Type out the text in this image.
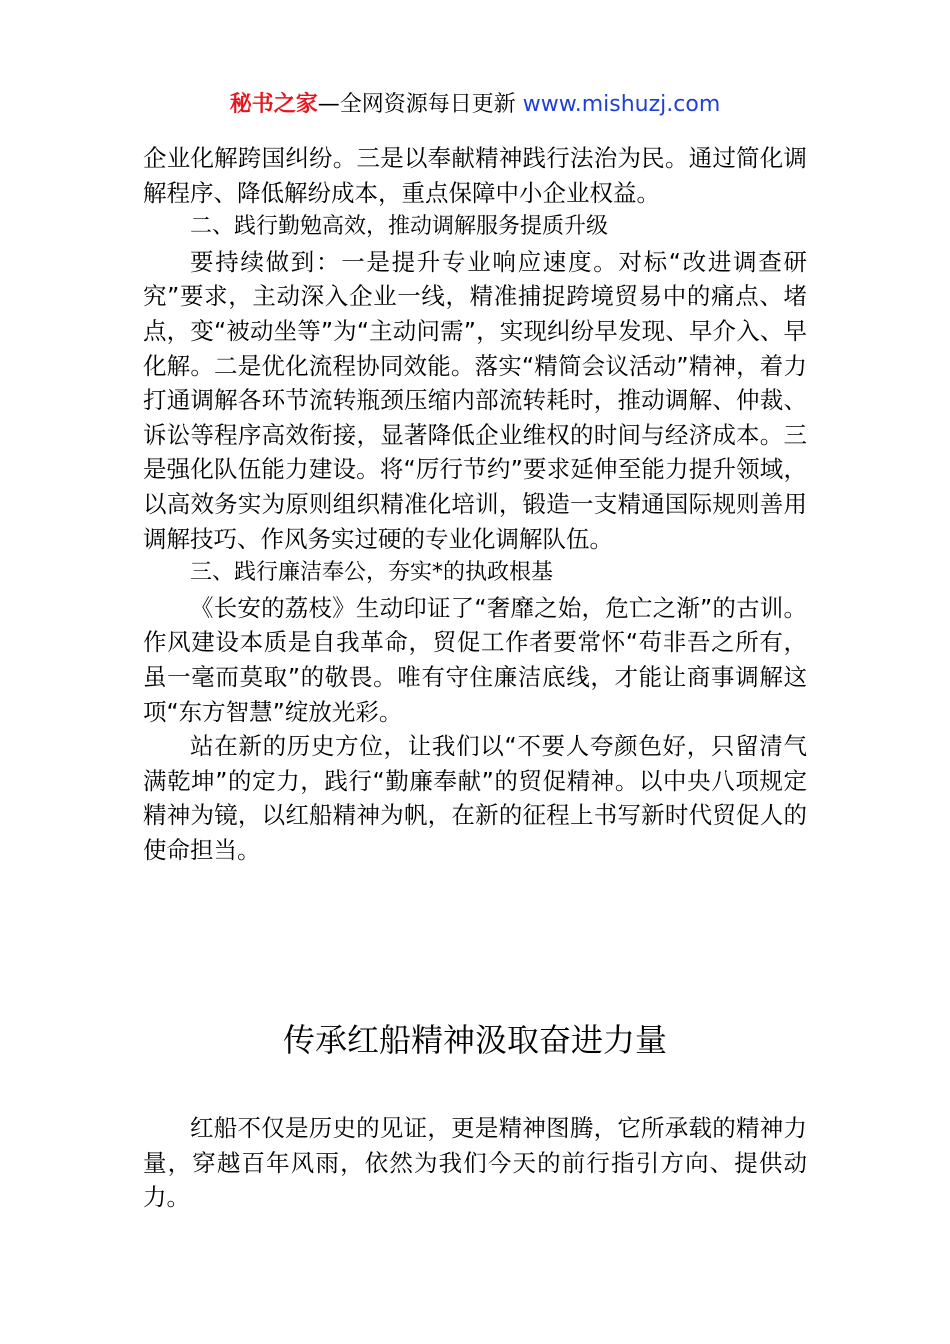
秘书之家—全网资源每日更新 www.mishuzj.com

企业化解跨国纠纷。三是以奉献精神践行法治为民。通过简化调解程序、降低解纷成本，重点保障中小企业权益。

二、践行勤勉高效，推动调解服务提质升级

要持续做到：一是提升专业响应速度。对标“改进调查研究”要求，主动深入企业一线，精准捕捉跨境贸易中的痛点、堵点，变“被动坐等”为“主动问需”，实现纠纷早发现、早介入、早化解。二是优化流程协同效能。落实“精简会议活动”精神，着力打通调解各环节流转瓶颈压缩内部流转耗时，推动调解、仲裁、诉讼等程序高效衔接，显著降低企业维权的时间与经济成本。三是强化队伍能力建设。将“厉行节约”要求延伸至能力提升领域，以高效务实为原则组织精准化培训，锻造一支精通国际规则善用调解技巧、作风务实过硬的专业化调解队伍。

三、践行廉洁奉公，夯实*的执政根基

《长安的荔枝》生动印证了“奢靡之始，危亡之渐”的古训。作风建设本质是自我革命，贸促工作者要常怀“苟非吾之所有，虽一毫而莫取”的敬畏。唯有守住廉洁底线，才能让商事调解这项“东方智慧”绽放光彩。

站在新的历史方位，让我们以“不要人夸颜色好，只留清气满乾坤”的定力，践行“勤廉奉献”的贸促精神。以中央八项规定精神为镜，以红船精神为帆，在新的征程上书写新时代贸促人的使命担当。

传承红船精神汲取奋进力量

红船不仅是历史的见证，更是精神图腾，它所承载的精神力量，穿越百年风雨，依然为我们今天的前行指引方向、提供动力。
